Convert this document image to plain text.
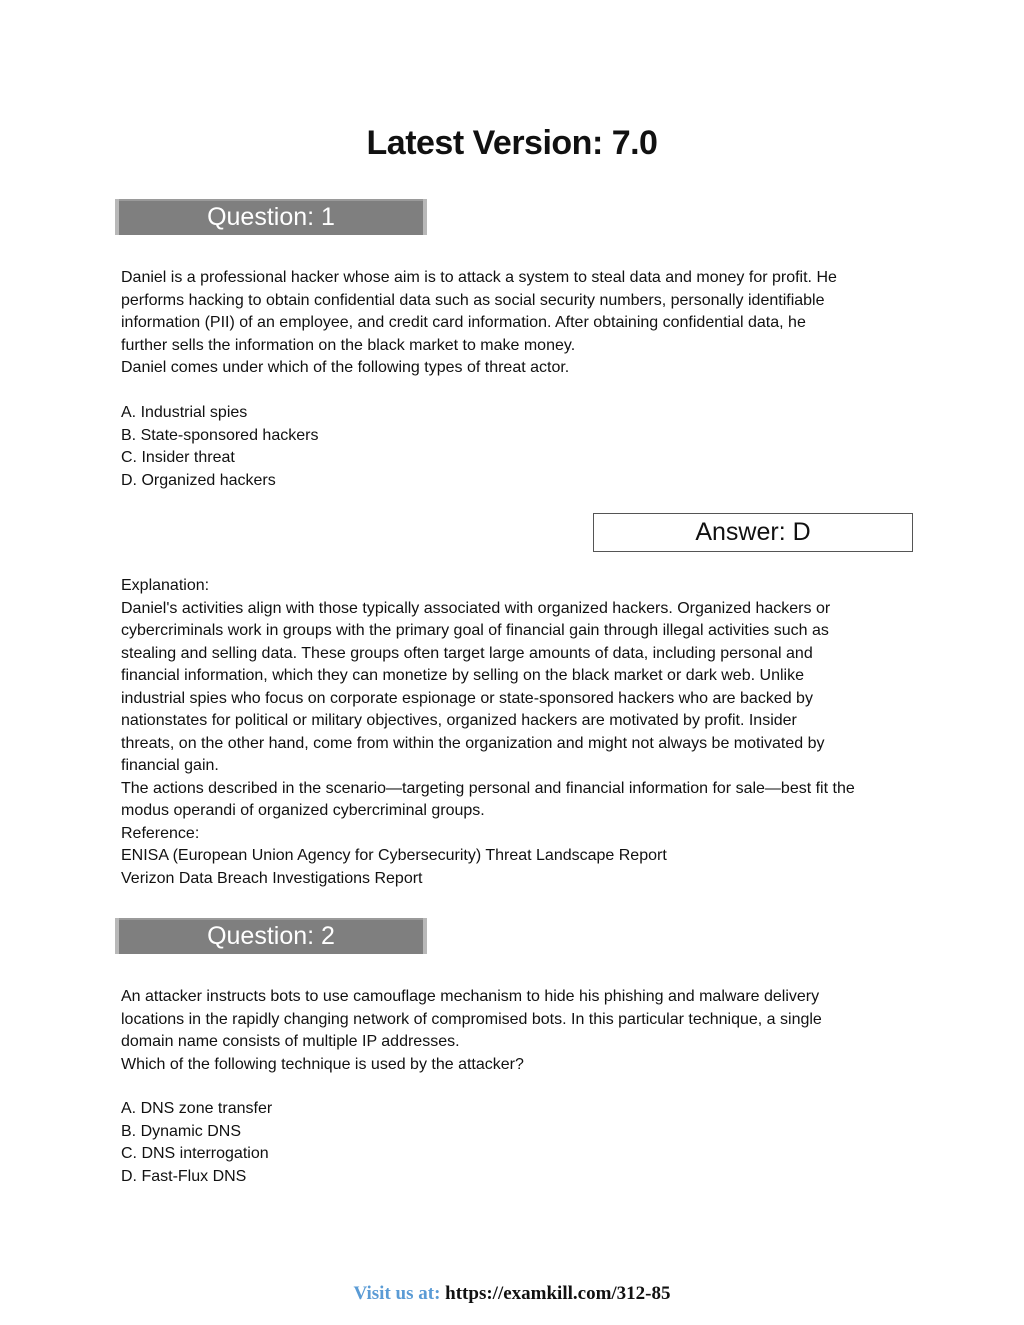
Latest Version: 7.0
Question: 1

Daniel is a professional hacker whose aim is to attack a system to steal data and money for profit. He

performs hacking to obtain confidential data such as social security numbers, personally identifiable

information (PII) of an employee, and credit card information. After obtaining confidential data, he

further sells the information on the black market to make money.

Daniel comes under which of the following types of threat actor.

A. Industrial spies
B. State-sponsored hackers
C. Insider threat
D. Organized hackers
Answer: D

Explanation:

Daniel's activities align with those typically associated with organized hackers. Organized hackers or

cybercriminals work in groups with the primary goal of financial gain through illegal activities such as

stealing and selling data. These groups often target large amounts of data, including personal and

financial information, which they can monetize by selling on the black market or dark web. Unlike

industrial spies who focus on corporate espionage or state-sponsored hackers who are backed by

nationstates for political or military objectives, organized hackers are motivated by profit. Insider

threats, on the other hand, come from within the organization and might not always be motivated by

financial gain.

The actions described in the scenario—targeting personal and financial information for sale—best fit the

modus operandi of organized cybercriminal groups.

Reference:

ENISA (European Union Agency for Cybersecurity) Threat Landscape Report

Verizon Data Breach Investigations Report

Question: 2

An attacker instructs bots to use camouflage mechanism to hide his phishing and malware delivery

locations in the rapidly changing network of compromised bots. In this particular technique, a single

domain name consists of multiple IP addresses.

Which of the following technique is used by the attacker?

A. DNS zone transfer
B. Dynamic DNS
C. DNS interrogation
D. Fast-Flux DNS
Visit us at: https://examkill.com/312-85
